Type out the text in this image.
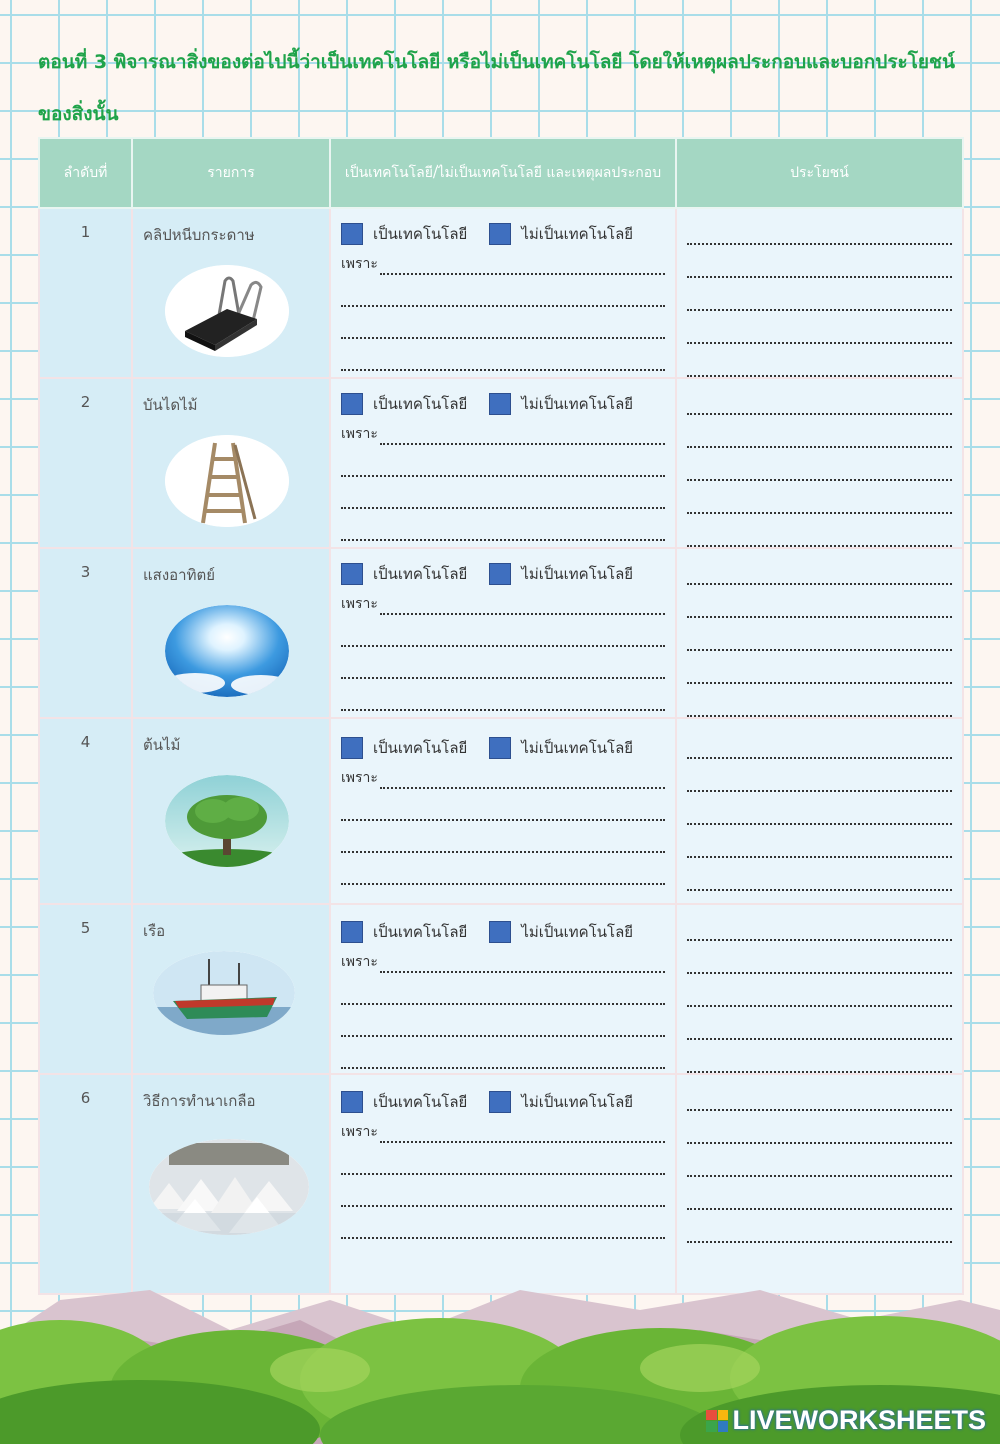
ตอนที่ 3 พิจารณาสิ่งของต่อไปนี้ว่าเป็นเทคโนโลยี หรือไม่เป็นเทคโนโลยี โดยให้เหตุผลประกอบและบอกประโยชน์ของสิ่งนั้น
ลำดับที่	รายการ	เป็นเทคโนโลยี/ไม่เป็นเทคโนโลยี และเหตุผลประกอบ	ประโยชน์
1	คลิปหนีบกระดาษ	เป็นเทคโนโลยี ไม่เป็นเทคโนโลยี
เพราะ	

2	บันไดไม้	เป็นเทคโนโลยี ไม่เป็นเทคโนโลยี
เพราะ	

3	แสงอาทิตย์	เป็นเทคโนโลยี ไม่เป็นเทคโนโลยี
เพราะ	

4	ต้นไม้	เป็นเทคโนโลยี ไม่เป็นเทคโนโลยี
เพราะ	

5	เรือ	เป็นเทคโนโลยี ไม่เป็นเทคโนโลยี
เพราะ	

6	วิธีการทำนาเกลือ	เป็นเทคโนโลยี ไม่เป็นเทคโนโลยี
เพราะ	

LIVEWORKSHEETS
